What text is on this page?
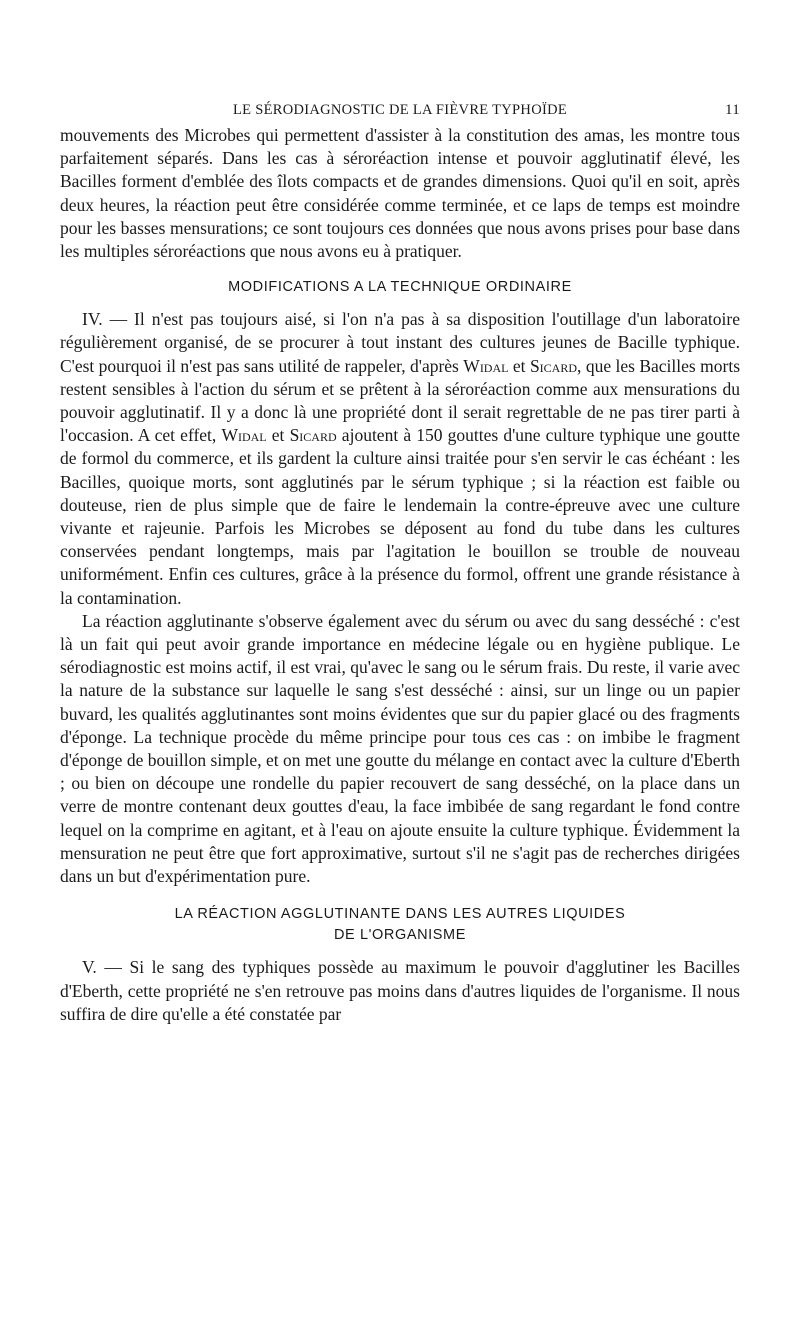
LE SÉRODIAGNOSTIC DE LA FIÈVRE TYPHOÏDE	11

mouvements des Microbes qui permettent d'assister à la constitution des amas, les montre tous parfaitement séparés. Dans les cas à séroréaction intense et pouvoir agglutinatif élevé, les Bacilles forment d'emblée des îlots compacts et de grandes dimensions. Quoi qu'il en soit, après deux heures, la réaction peut être considérée comme terminée, et ce laps de temps est moindre pour les basses mensurations; ce sont toujours ces données que nous avons prises pour base dans les multiples séroréactions que nous avons eu à pratiquer.

MODIFICATIONS A LA TECHNIQUE ORDINAIRE

IV. — Il n'est pas toujours aisé, si l'on n'a pas à sa disposition l'outillage d'un laboratoire régulièrement organisé, de se procurer à tout instant des cultures jeunes de Bacille typhique. C'est pourquoi il n'est pas sans utilité de rappeler, d'après Widal et Sicard, que les Bacilles morts restent sensibles à l'action du sérum et se prêtent à la séroréaction comme aux mensurations du pouvoir agglutinatif. Il y a donc là une propriété dont il serait regrettable de ne pas tirer parti à l'occasion. A cet effet, Widal et Sicard ajoutent à 150 gouttes d'une culture typhique une goutte de formol du commerce, et ils gardent la culture ainsi traitée pour s'en servir le cas échéant : les Bacilles, quoique morts, sont agglutinés par le sérum typhique ; si la réaction est faible ou douteuse, rien de plus simple que de faire le lendemain la contre-épreuve avec une culture vivante et rajeunie. Parfois les Microbes se déposent au fond du tube dans les cultures conservées pendant longtemps, mais par l'agitation le bouillon se trouble de nouveau uniformément. Enfin ces cultures, grâce à la présence du formol, offrent une grande résistance à la contamination.

La réaction agglutinante s'observe également avec du sérum ou avec du sang desséché : c'est là un fait qui peut avoir grande importance en médecine légale ou en hygiène publique. Le sérodiagnostic est moins actif, il est vrai, qu'avec le sang ou le sérum frais. Du reste, il varie avec la nature de la substance sur laquelle le sang s'est desséché : ainsi, sur un linge ou un papier buvard, les qualités agglutinantes sont moins évidentes que sur du papier glacé ou des fragments d'éponge. La technique procède du même principe pour tous ces cas : on imbibe le fragment d'éponge de bouillon simple, et on met une goutte du mélange en contact avec la culture d'Eberth ; ou bien on découpe une rondelle du papier recouvert de sang desséché, on la place dans un verre de montre contenant deux gouttes d'eau, la face imbibée de sang regardant le fond contre lequel on la comprime en agitant, et à l'eau on ajoute ensuite la culture typhique. Évidemment la mensuration ne peut être que fort approximative, surtout s'il ne s'agit pas de recherches dirigées dans un but d'expérimentation pure.

LA RÉACTION AGGLUTINANTE DANS LES AUTRES LIQUIDES
DE L'ORGANISME

V. — Si le sang des typhiques possède au maximum le pouvoir d'agglutiner les Bacilles d'Eberth, cette propriété ne s'en retrouve pas moins dans d'autres liquides de l'organisme. Il nous suffira de dire qu'elle a été constatée par
